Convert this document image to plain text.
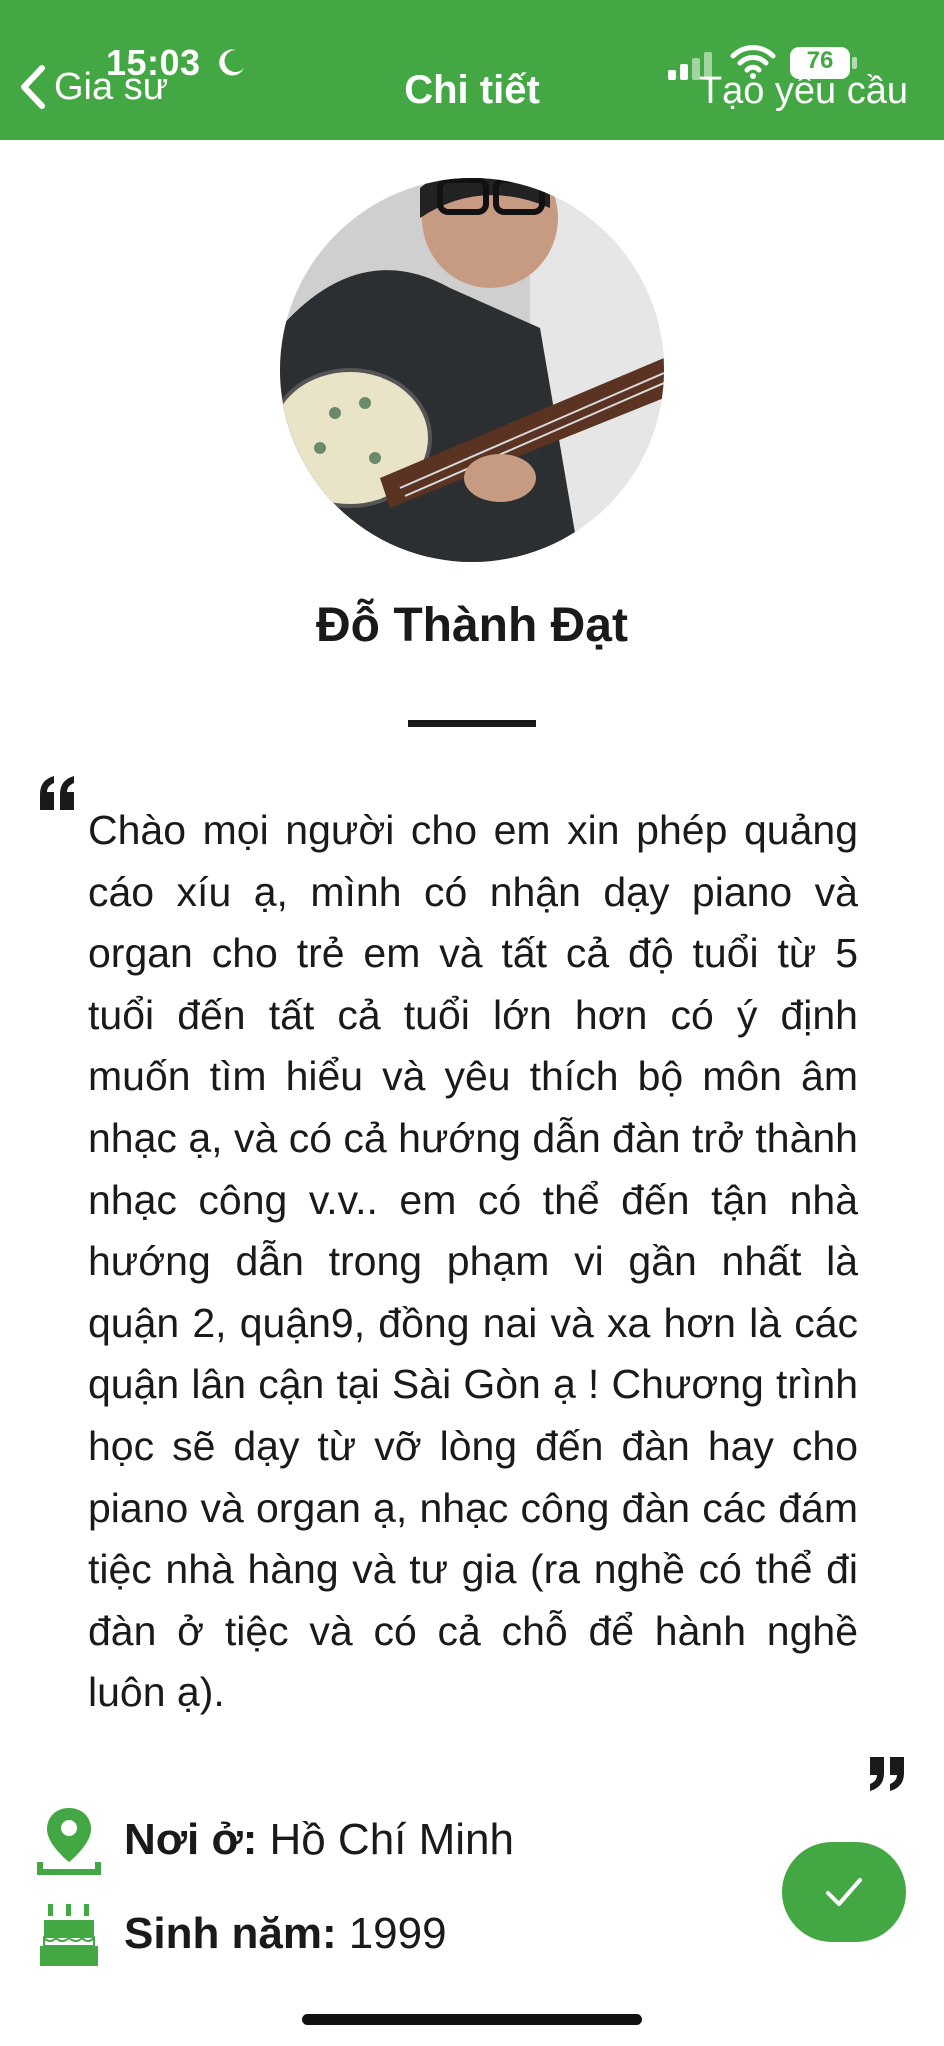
15:03
Gia sư	Chi tiết
76
Tạo yêu cầu
Đỗ Thành Đạt

Chào mọi người cho em xin phép quảng cáo xíu ạ, mình có nhận dạy piano và organ cho trẻ em và tất cả độ tuổi từ 5 tuổi đến tất cả tuổi lớn hơn có ý định muốn tìm hiểu và yêu thích bộ môn âm nhạc ạ, và có cả hướng dẫn đàn trở thành nhạc công v.v.. em có thể đến tận nhà hướng dẫn trong phạm vi gần nhất là quận 2, quận9, đồng nai và xa hơn là các quận lân cận tại Sài Gòn ạ ! Chương trình học sẽ dạy từ vỡ lòng đến đàn hay cho piano và organ ạ, nhạc công đàn các đám tiệc nhà hàng và tư gia (ra nghề có thể đi đàn ở tiệc và có cả chỗ để hành nghề luôn ạ).

Nơi ở: Hồ Chí Minh
Sinh năm: 1999
